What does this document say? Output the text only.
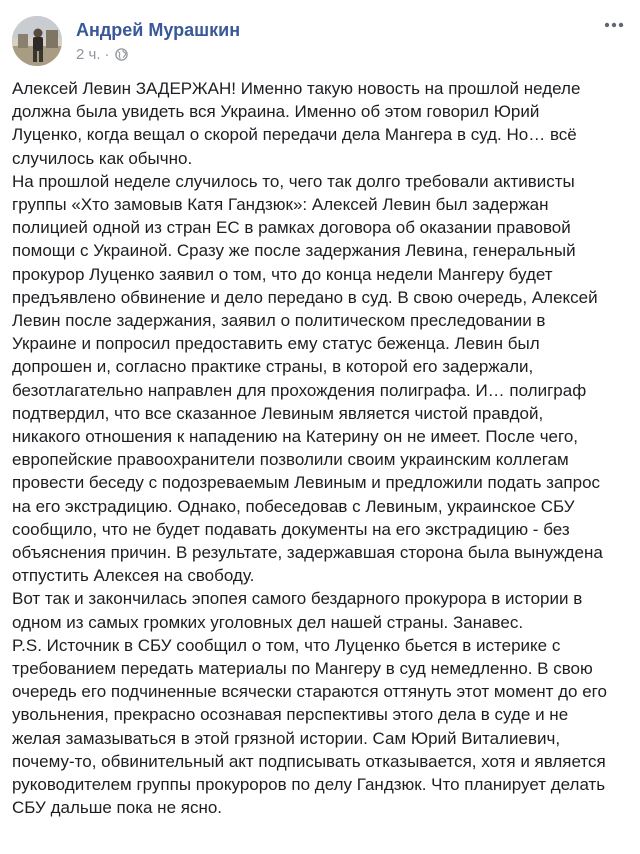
Андрей Мурашкин
2 ч. ·

Алексей Левин ЗАДЕРЖАН! Именно такую новость на прошлой неделе
должна была увидеть вся Украина. Именно об этом говорил Юрий
Луценко, когда вещал о скорой передачи дела Мангера в суд. Но… всё
случилось как обычно.

На прошлой неделе случилось то, чего так долго требовали активисты
группы «Хто замовыв Катя Гандзюк»: Алексей Левин был задержан
полицией одной из стран ЕС в рамках договора об оказании правовой
помощи с Украиной. Сразу же после задержания Левина, генеральный
прокурор Луценко заявил о том, что до конца недели Мангеру будет
предъявлено обвинение и дело передано в суд. В свою очередь, Алексей
Левин после задержания, заявил о политическом преследовании в
Украине и попросил предоставить ему статус беженца. Левин был
допрошен и, согласно практике страны, в которой его задержали,
безотлагательно направлен для прохождения полиграфа. И… полиграф
подтвердил, что все сказанное Левиным является чистой правдой,
никакого отношения к нападению на Катерину он не имеет. После чего,
европейские правоохранители позволили своим украинским коллегам
провести беседу с подозреваемым Левиным и предложили подать запрос
на его экстрадицию. Однако, побеседовав с Левиным, украинское СБУ
сообщило, что не будет подавать документы на его экстрадицию - без
объяснения причин. В результате, задержавшая сторона была вынуждена
отпустить Алексея на свободу.

Вот так и закончилась эпопея самого бездарного прокурора в истории в
одном из самых громких уголовных дел нашей страны. Занавес.

P.S. Источник в СБУ сообщил о том, что Луценко бьется в истерике с
требованием передать материалы по Мангеру в суд немедленно. В свою
очередь его подчиненные всячески стараются оттянуть этот момент до его
увольнения, прекрасно осознавая перспективы этого дела в суде и не
желая замазываться в этой грязной истории. Сам Юрий Виталиевич,
почему-то, обвинительный акт подписывать отказывается, хотя и является
руководителем группы прокуроров по делу Гандзюк. Что планирует делать
СБУ дальше пока не ясно.
